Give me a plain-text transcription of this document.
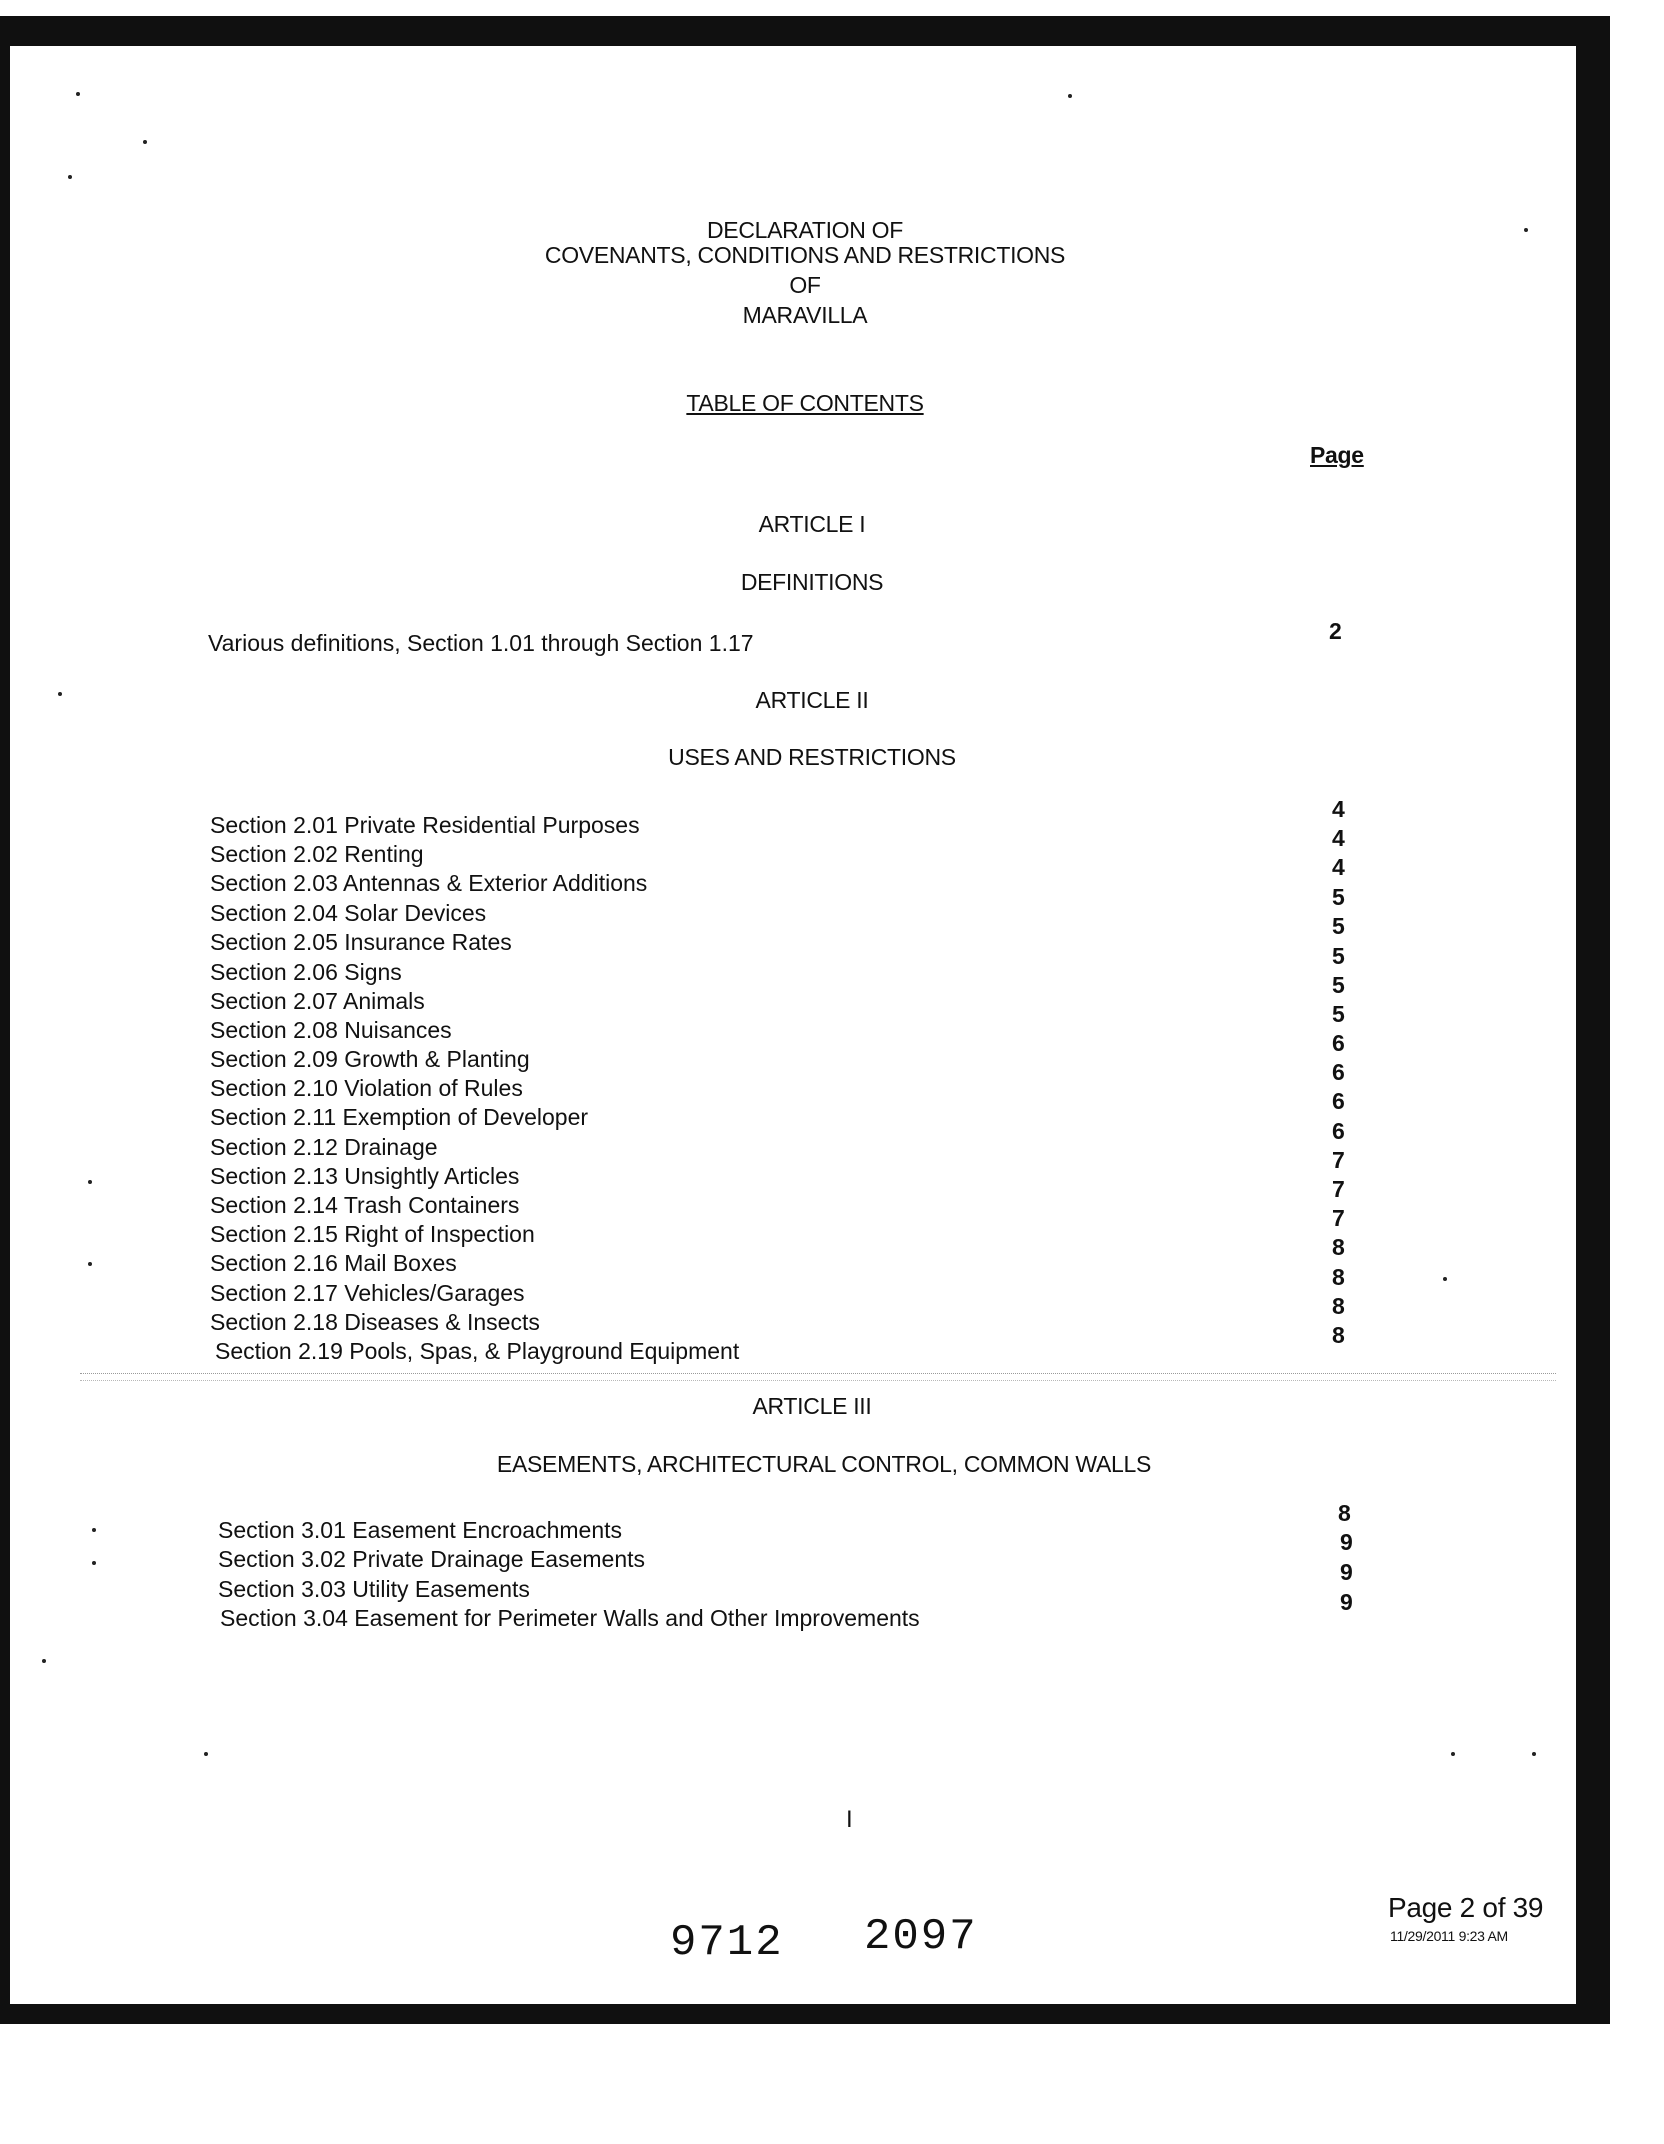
DECLARATION OF
COVENANTS, CONDITIONS AND RESTRICTIONS
OF
MARAVILLA
TABLE OF CONTENTS
Page
ARTICLE I
DEFINITIONS
Various definitions, Section 1.01 through Section 1.17	2
ARTICLE II
USES AND RESTRICTIONS
Section 2.01 Private Residential Purposes
4
Section 2.02 Renting
4
Section 2.03 Antennas & Exterior Additions
4
Section 2.04 Solar Devices
5
Section 2.05 Insurance Rates
5
Section 2.06 Signs
5
Section 2.07 Animals
5
Section 2.08 Nuisances
5
Section 2.09 Growth & Planting
6
Section 2.10 Violation of Rules
6
Section 2.11 Exemption of Developer
6
Section 2.12 Drainage
6
Section 2.13 Unsightly Articles
7
Section 2.14 Trash Containers
7
Section 2.15 Right of Inspection
7
Section 2.16 Mail Boxes
8
Section 2.17 Vehicles/Garages
8
Section 2.18 Diseases & Insects
8
Section 2.19 Pools, Spas, & Playground Equipment
8
ARTICLE III
EASEMENTS, ARCHITECTURAL CONTROL, COMMON WALLS
Section 3.01 Easement Encroachments
8
Section 3.02 Private Drainage Easements
9
Section 3.03 Utility Easements
9
Section 3.04 Easement for Perimeter Walls and Other Improvements
9
I
9712 2097
Page 2 of 39
11/29/2011 9:23 AM
